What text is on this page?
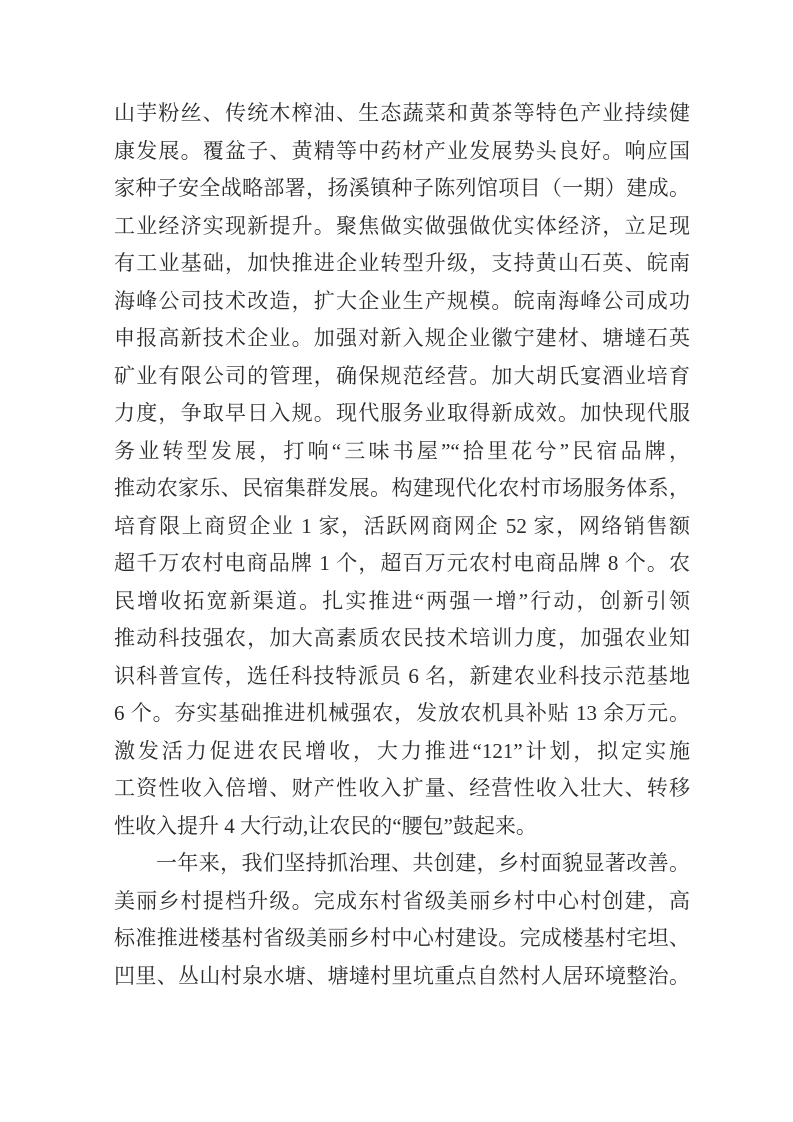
山芋粉丝、传统木榨油、生态蔬菜和黄茶等特色产业持续健
康发展。覆盆子、黄精等中药材产业发展势头良好。响应国
家种子安全战略部署，扬溪镇种子陈列馆项目（一期）建成。
工业经济实现新提升。聚焦做实做强做优实体经济，立足现
有工业基础，加快推进企业转型升级，支持黄山石英、皖南
海峰公司技术改造，扩大企业生产规模。皖南海峰公司成功
申报高新技术企业。加强对新入规企业徽宁建材、塘墶石英
矿业有限公司的管理，确保规范经营。加大胡氏宴酒业培育
力度，争取早日入规。现代服务业取得新成效。加快现代服
务业转型发展，打响“三味书屋”“拾里花兮”民宿品牌，
推动农家乐、民宿集群发展。构建现代化农村市场服务体系，
培育限上商贸企业 1 家，活跃网商网企 52 家，网络销售额
超千万农村电商品牌 1 个，超百万元农村电商品牌 8 个。农
民增收拓宽新渠道。扎实推进“两强一增”行动，创新引领
推动科技强农，加大高素质农民技术培训力度，加强农业知
识科普宣传，选任科技特派员 6 名，新建农业科技示范基地
6 个。夯实基础推进机械强农，发放农机具补贴 13 余万元。
激发活力促进农民增收，大力推进“121”计划，拟定实施
工资性收入倍增、财产性收入扩量、经营性收入壮大、转移
性收入提升 4 大行动,让农民的“腰包”鼓起来。
一年来，我们坚持抓治理、共创建，乡村面貌显著改善。
美丽乡村提档升级。完成东村省级美丽乡村中心村创建，高
标准推进楼基村省级美丽乡村中心村建设。完成楼基村宅坦、
凹里、丛山村泉水塘、塘墶村里坑重点自然村人居环境整治。
